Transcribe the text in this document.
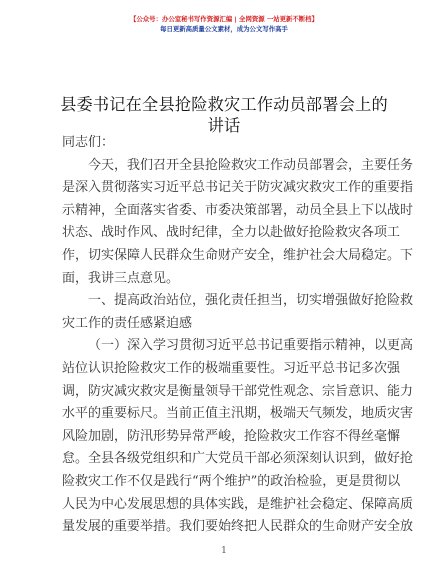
【公众号：办公室秘书写作资源汇编 | 全网资源 一站更新不断档】
每日更新高质量公文素材，成为公文写作高手
县委书记在全县抢险救灾工作动员部署会上的
讲话
同志们：
今天，我们召开全县抢险救灾工作动员部署会，主要任务
是深入贯彻落实习近平总书记关于防灾减灾救灾工作的重要指
示精神，全面落实省委、市委决策部署，动员全县上下以战时
状态、战时作风、战时纪律，全力以赴做好抢险救灾各项工
作，切实保障人民群众生命财产安全，维护社会大局稳定。下
面，我讲三点意见。
一、提高政治站位，强化责任担当，切实增强做好抢险救
灾工作的责任感紧迫感
（一）深入学习贯彻习近平总书记重要指示精神，以更高
站位认识抢险救灾工作的极端重要性。习近平总书记多次强
调，防灾减灾救灾是衡量领导干部党性观念、宗旨意识、能力
水平的重要标尺。当前正值主汛期，极端天气频发，地质灾害
风险加剧，防汛形势异常严峻，抢险救灾工作容不得丝毫懈
怠。全县各级党组织和广大党员干部必须深刻认识到，做好抢
险救灾工作不仅是践行“两个维护”的政治检验，更是贯彻以
人民为中心发展思想的具体实践，是维护社会稳定、保障高质
量发展的重要举措。我们要始终把人民群众的生命财产安全放
1
